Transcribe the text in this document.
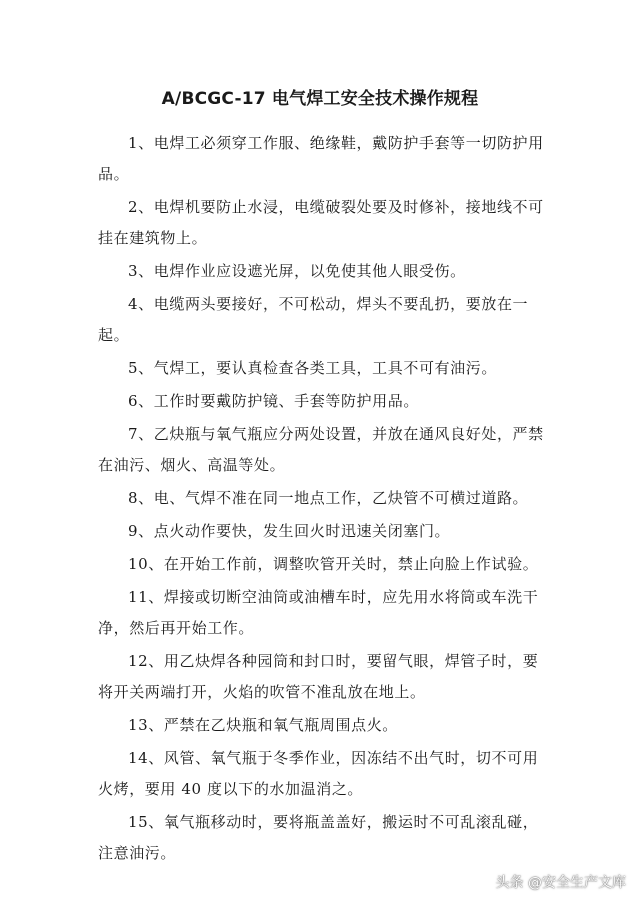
A/BCGC-17 电气焊工安全技术操作规程
1、电焊工必须穿工作服、绝缘鞋，戴防护手套等一切防护用品。
2、电焊机要防止水浸，电缆破裂处要及时修补，接地线不可挂在建筑物上。
3、电焊作业应设遮光屏，以免使其他人眼受伤。
4、电缆两头要接好，不可松动，焊头不要乱扔，要放在一起。
5、气焊工，要认真检查各类工具，工具不可有油污。
6、工作时要戴防护镜、手套等防护用品。
7、乙炔瓶与氧气瓶应分两处设置，并放在通风良好处，严禁在油污、烟火、高温等处。
8、电、气焊不准在同一地点工作，乙炔管不可横过道路。
9、点火动作要快，发生回火时迅速关闭塞门。
10、在开始工作前，调整吹管开关时，禁止向脸上作试验。
11、焊接或切断空油筒或油槽车时，应先用水将筒或车洗干净，然后再开始工作。
12、用乙炔焊各种园筒和封口时，要留气眼，焊管子时，要将开关两端打开，火焰的吹管不准乱放在地上。
13、严禁在乙炔瓶和氧气瓶周围点火。
14、风管、氧气瓶于冬季作业，因冻结不出气时，切不可用火烤，要用 40 度以下的水加温消之。
15、氧气瓶移动时，要将瓶盖盖好，搬运时不可乱滚乱碰，注意油污。
头条 @安全生产文库
